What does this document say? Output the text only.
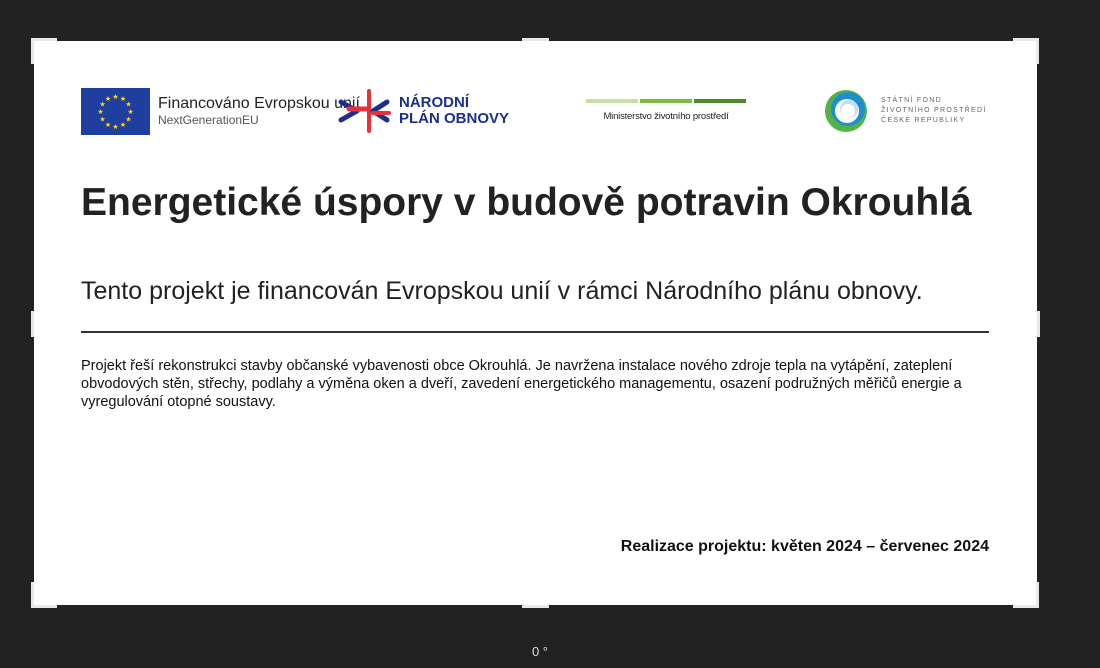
★ ★
★
★
★
★
★
★
★
★
★
★	Financováno Evropskou unií
NextGenerationEU
NÁRODNÍ
PLÁN OBNOVY	Ministerstvo životního prostředí
STÁTNÍ FOND
ŽIVOTNÍHO PROSTŘEDÍ
ČESKÉ REPUBLIKY
Energetické úspory v budově potravin Okrouhlá
Tento projekt je financován Evropskou unií v rámci Národního plánu obnovy.
Projekt řeší rekonstrukci stavby občanské vybavenosti obce Okrouhlá. Je navržena instalace nového zdroje tepla na vytápění, zateplení obvodových stěn, střechy, podlahy a výměna oken a dveří, zavedení energetického managementu, osazení podružných měřičů energie a vyregulování otopné soustavy.
Realizace projektu: květen 2024 – červenec 2024
0 °
